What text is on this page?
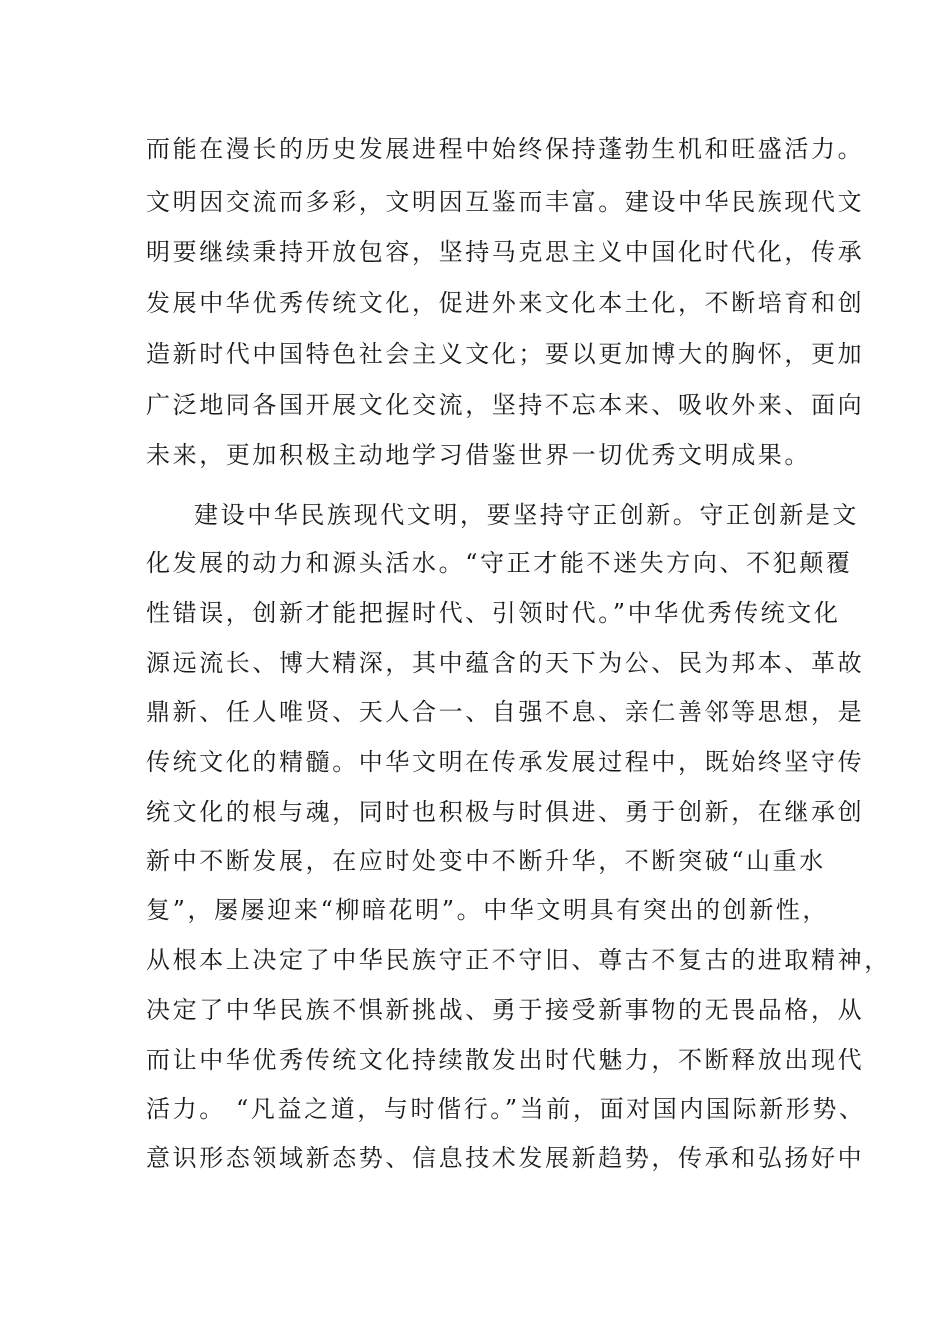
而能在漫长的历史发展进程中始终保持蓬勃生机和旺盛活力。
文明因交流而多彩，文明因互鉴而丰富。建设中华民族现代文
明要继续秉持开放包容，坚持马克思主义中国化时代化，传承
发展中华优秀传统文化，促进外来文化本土化，不断培育和创
造新时代中国特色社会主义文化；要以更加博大的胸怀，更加
广泛地同各国开展文化交流，坚持不忘本来、吸收外来、面向
未来，更加积极主动地学习借鉴世界一切优秀文明成果。
建设中华民族现代文明，要坚持守正创新。守正创新是文
化发展的动力和源头活水。“守正才能不迷失方向、不犯颠覆
性错误，创新才能把握时代、引领时代。”中华优秀传统文化
源远流长、博大精深，其中蕴含的天下为公、民为邦本、革故
鼎新、任人唯贤、天人合一、自强不息、亲仁善邻等思想，是
传统文化的精髓。中华文明在传承发展过程中，既始终坚守传
统文化的根与魂，同时也积极与时俱进、勇于创新，在继承创
新中不断发展，在应时处变中不断升华，不断突破“山重水
复”，屡屡迎来“柳暗花明”。中华文明具有突出的创新性，
从根本上决定了中华民族守正不守旧、尊古不复古的进取精神，
决定了中华民族不惧新挑战、勇于接受新事物的无畏品格，从
而让中华优秀传统文化持续散发出时代魅力，不断释放出现代
活力。 “凡益之道，与时偕行。”当前，面对国内国际新形势、
意识形态领域新态势、信息技术发展新趋势，传承和弘扬好中
